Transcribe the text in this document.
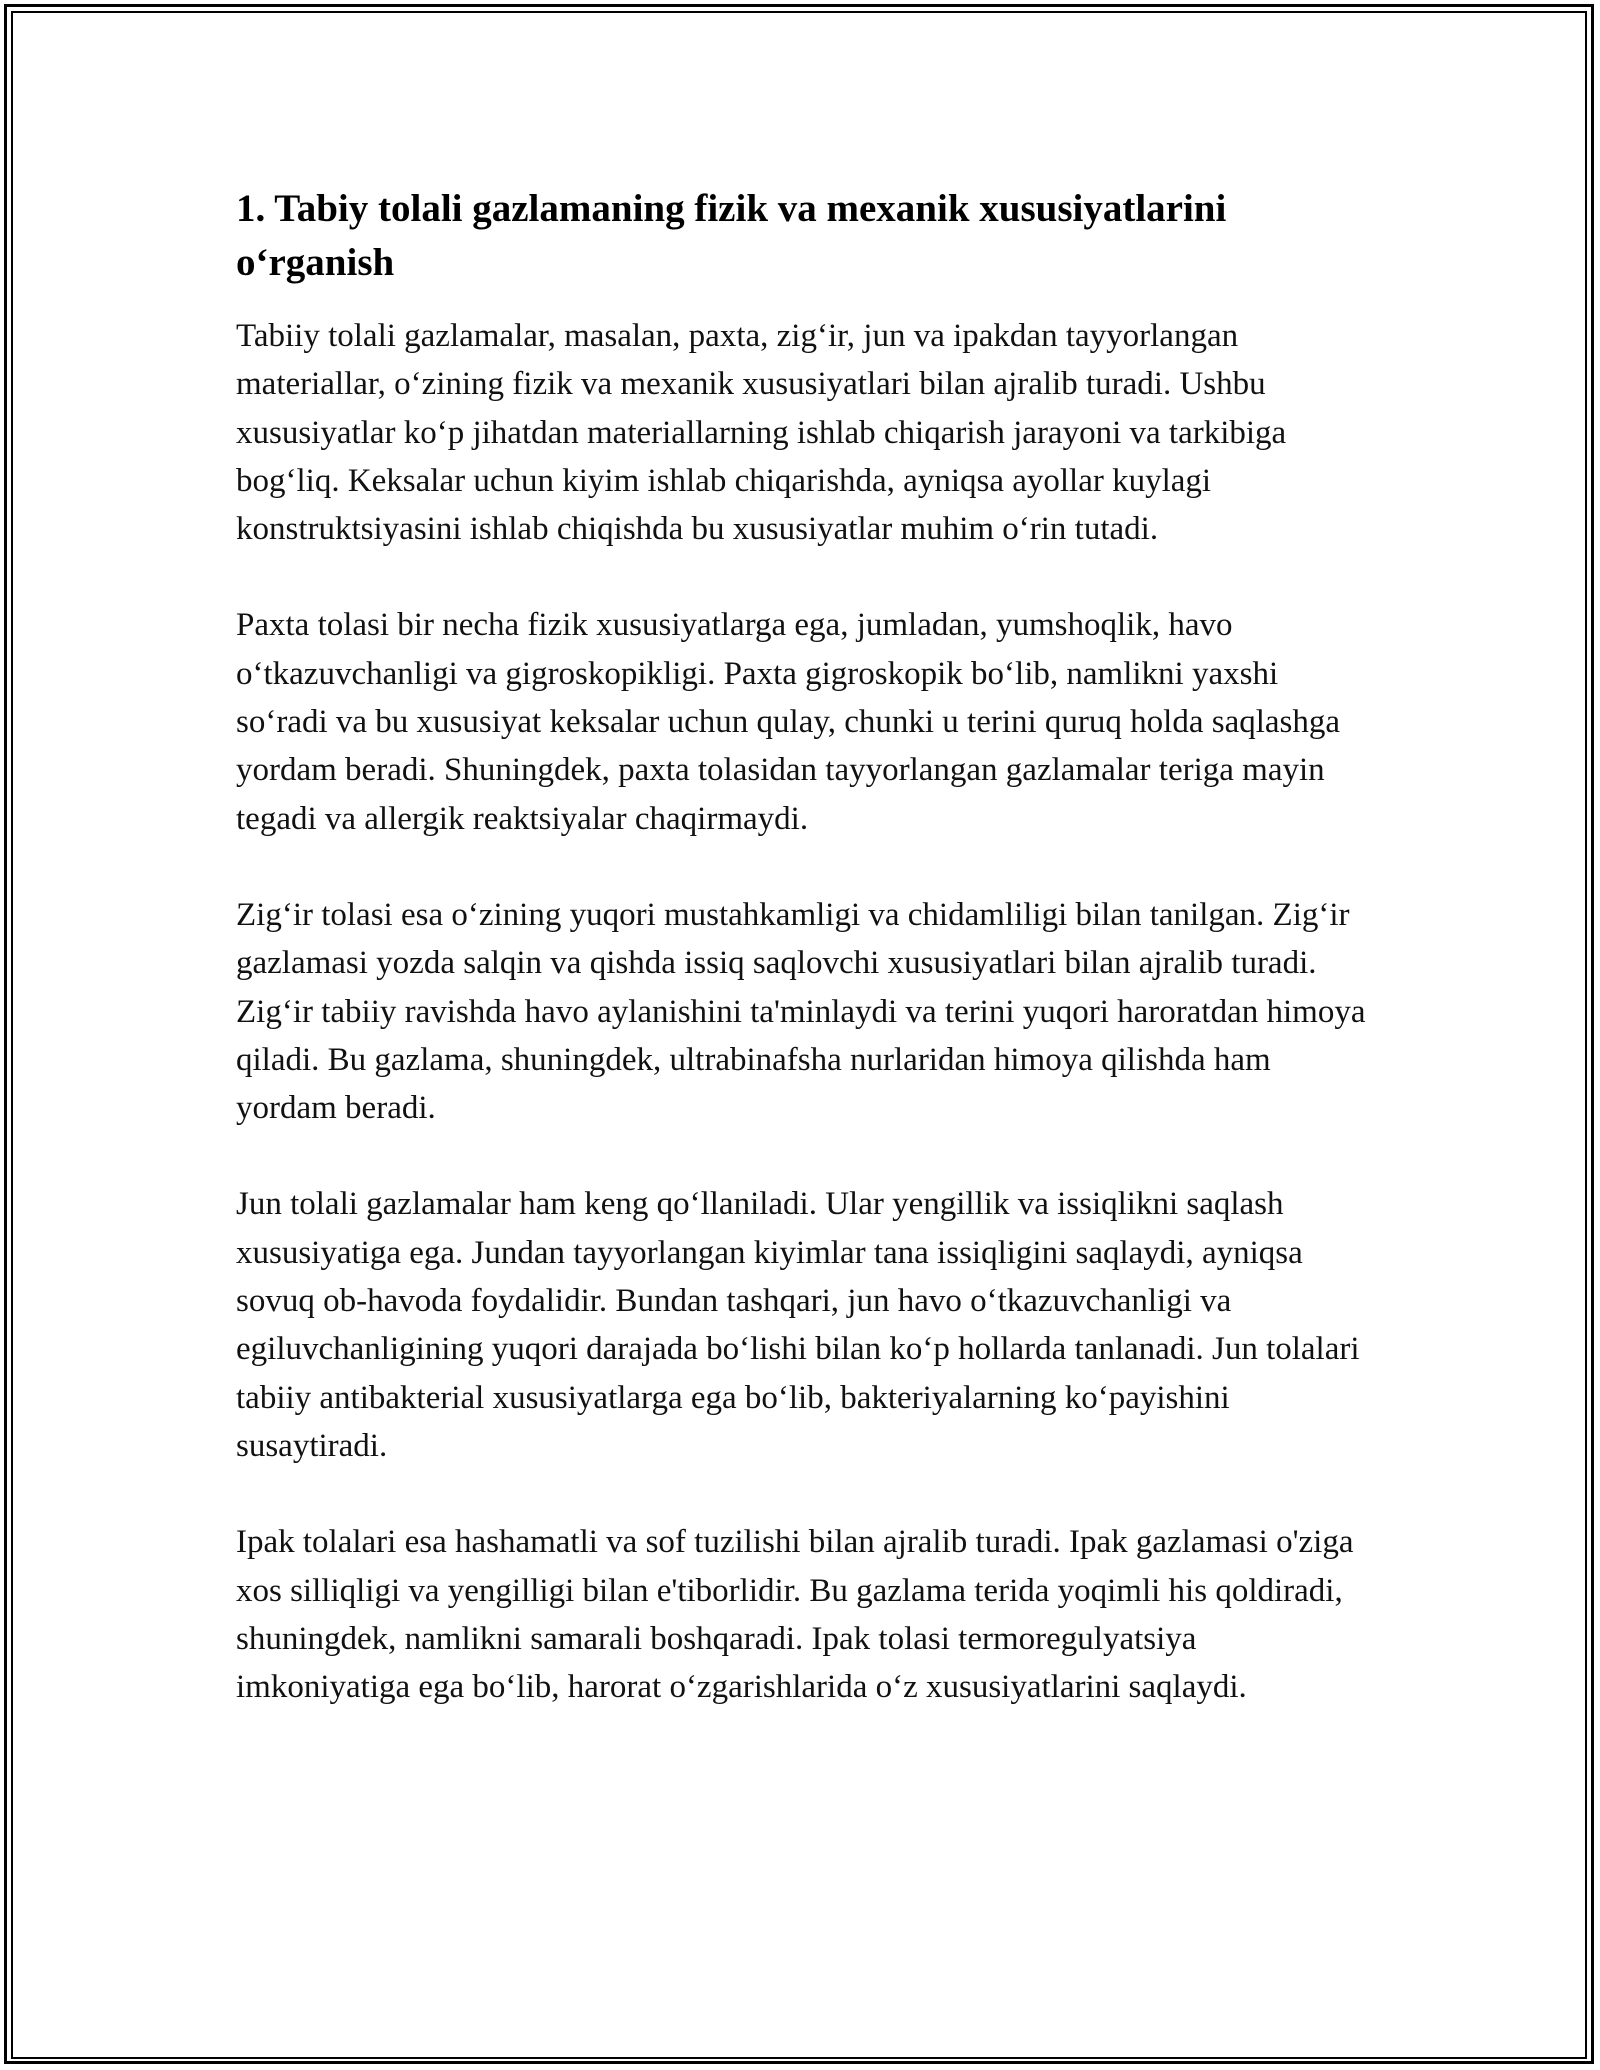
1. Tabiy tolali gazlamaning fizik va mexanik xususiyatlarini o‘rganish

Tabiiy tolali gazlamalar, masalan, paxta, zig‘ir, jun va ipakdan tayyorlangan materiallar, o‘zining fizik va mexanik xususiyatlari bilan ajralib turadi. Ushbu xususiyatlar ko‘p jihatdan materiallarning ishlab chiqarish jarayoni va tarkibiga bog‘liq. Keksalar uchun kiyim ishlab chiqarishda, ayniqsa ayollar kuylagi konstruktsiyasini ishlab chiqishda bu xususiyatlar muhim o‘rin tutadi.

Paxta tolasi bir necha fizik xususiyatlarga ega, jumladan, yumshoqlik, havo o‘tkazuvchanligi va gigroskopikligi. Paxta gigroskopik bo‘lib, namlikni yaxshi so‘radi va bu xususiyat keksalar uchun qulay, chunki u terini quruq holda saqlashga yordam beradi. Shuningdek, paxta tolasidan tayyorlangan gazlamalar teriga mayin tegadi va allergik reaktsiyalar chaqirmaydi.

Zig‘ir tolasi esa o‘zining yuqori mustahkamligi va chidamliligi bilan tanilgan. Zig‘ir gazlamasi yozda salqin va qishda issiq saqlovchi xususiyatlari bilan ajralib turadi. Zig‘ir tabiiy ravishda havo aylanishini ta'minlaydi va terini yuqori haroratdan himoya qiladi. Bu gazlama, shuningdek, ultrabinafsha nurlaridan himoya qilishda ham yordam beradi.

Jun tolali gazlamalar ham keng qo‘llaniladi. Ular yengillik va issiqlikni saqlash xususiyatiga ega. Jundan tayyorlangan kiyimlar tana issiqligini saqlaydi, ayniqsa sovuq ob-havoda foydalidir. Bundan tashqari, jun havo o‘tkazuvchanligi va egiluvchanligining yuqori darajada bo‘lishi bilan ko‘p hollarda tanlanadi. Jun tolalari tabiiy antibakterial xususiyatlarga ega bo‘lib, bakteriyalarning ko‘payishini susaytiradi.

Ipak tolalari esa hashamatli va sof tuzilishi bilan ajralib turadi. Ipak gazlamasi o'ziga xos silliqligi va yengilligi bilan e'tiborlidir. Bu gazlama terida yoqimli his qoldiradi, shuningdek, namlikni samarali boshqaradi. Ipak tolasi termoregulyatsiya imkoniyatiga ega bo‘lib, harorat o‘zgarishlarida o‘z xususiyatlarini saqlaydi.
